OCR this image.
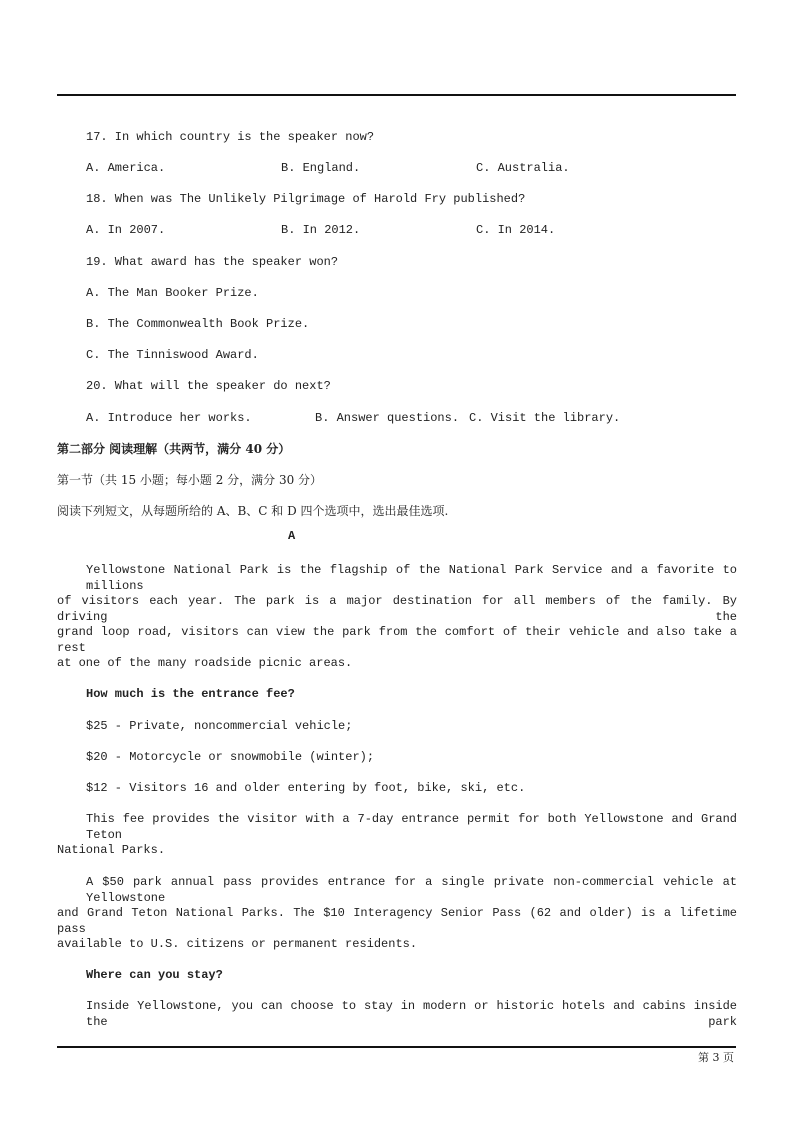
17. In which country is the speaker now?
A. America.	B. England.	C. Australia.
18. When was The Unlikely Pilgrimage of Harold Fry published?
A. In 2007.	B. In 2012.	C. In 2014.
19. What award has the speaker won?
A. The Man Booker Prize.
B. The Commonwealth Book Prize.
C. The Tinniswood Award.
20. What will the speaker do next?
A. Introduce her works.	B. Answer questions. C. Visit the library.
第二部分 阅读理解（共两节，满分 40 分）
第一节（共 15 小题；每小题 2 分，满分 30 分）
阅读下列短文，从每题所给的 A、B、C 和 D 四个选项中，选出最佳选项.
A
Yellowstone National Park is the flagship of the National Park Service and a favorite to millions
of visitors each year. The park is a major destination for all members of the family. By driving the
grand loop road, visitors can view the park from the comfort of their vehicle and also take a rest
at one of the many roadside picnic areas.
How much is the entrance fee?
$25 - Private, noncommercial vehicle;
$20 - Motorcycle or snowmobile (winter);
$12 - Visitors 16 and older entering by foot, bike, ski, etc.
This fee provides the visitor with a 7-day entrance permit for both Yellowstone and Grand Teton
National Parks.
A $50 park annual pass provides entrance for a single private non-commercial vehicle at Yellowstone
and Grand Teton National Parks. The $10 Interagency Senior Pass (62 and older) is a lifetime pass
available to U.S. citizens or permanent residents.
Where can you stay?
Inside Yellowstone, you can choose to stay in modern or historic hotels and cabins inside the park
第 3 页
